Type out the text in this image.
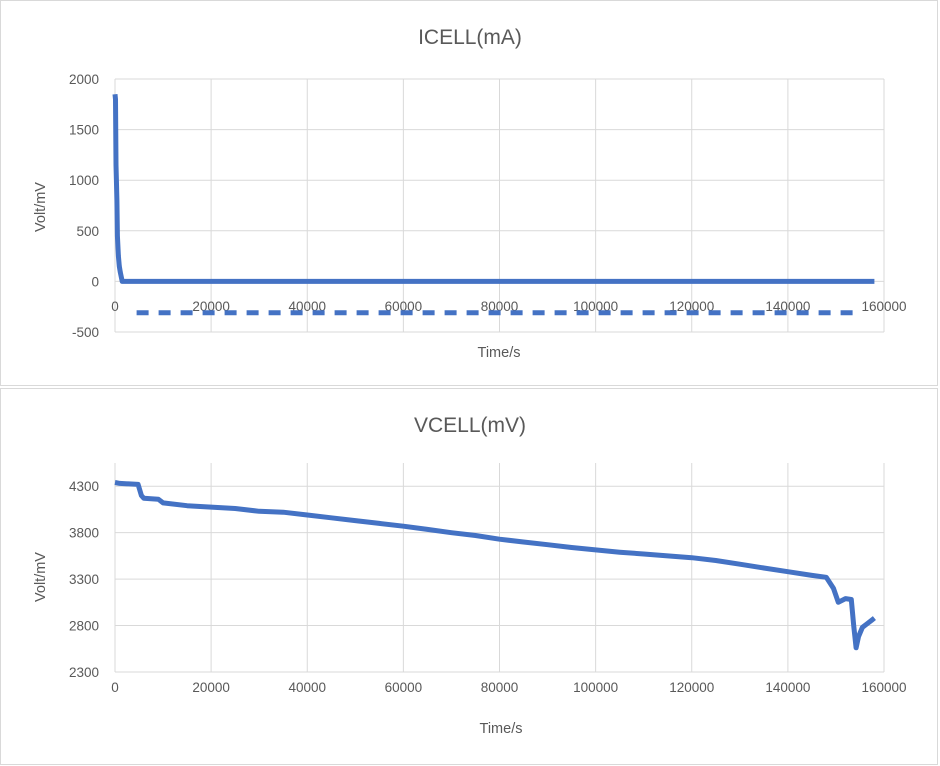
ICELL(mA)
Time/s
Volt/mV
-500
0
500
1000
1500
2000
0	20000	40000	60000	80000	100000	120000	140000	160000
VCELL(mV)
Time/s
Volt/mV
2300
2800
3300
3800
4300
0	20000	40000	60000	80000	100000	120000	140000	160000
